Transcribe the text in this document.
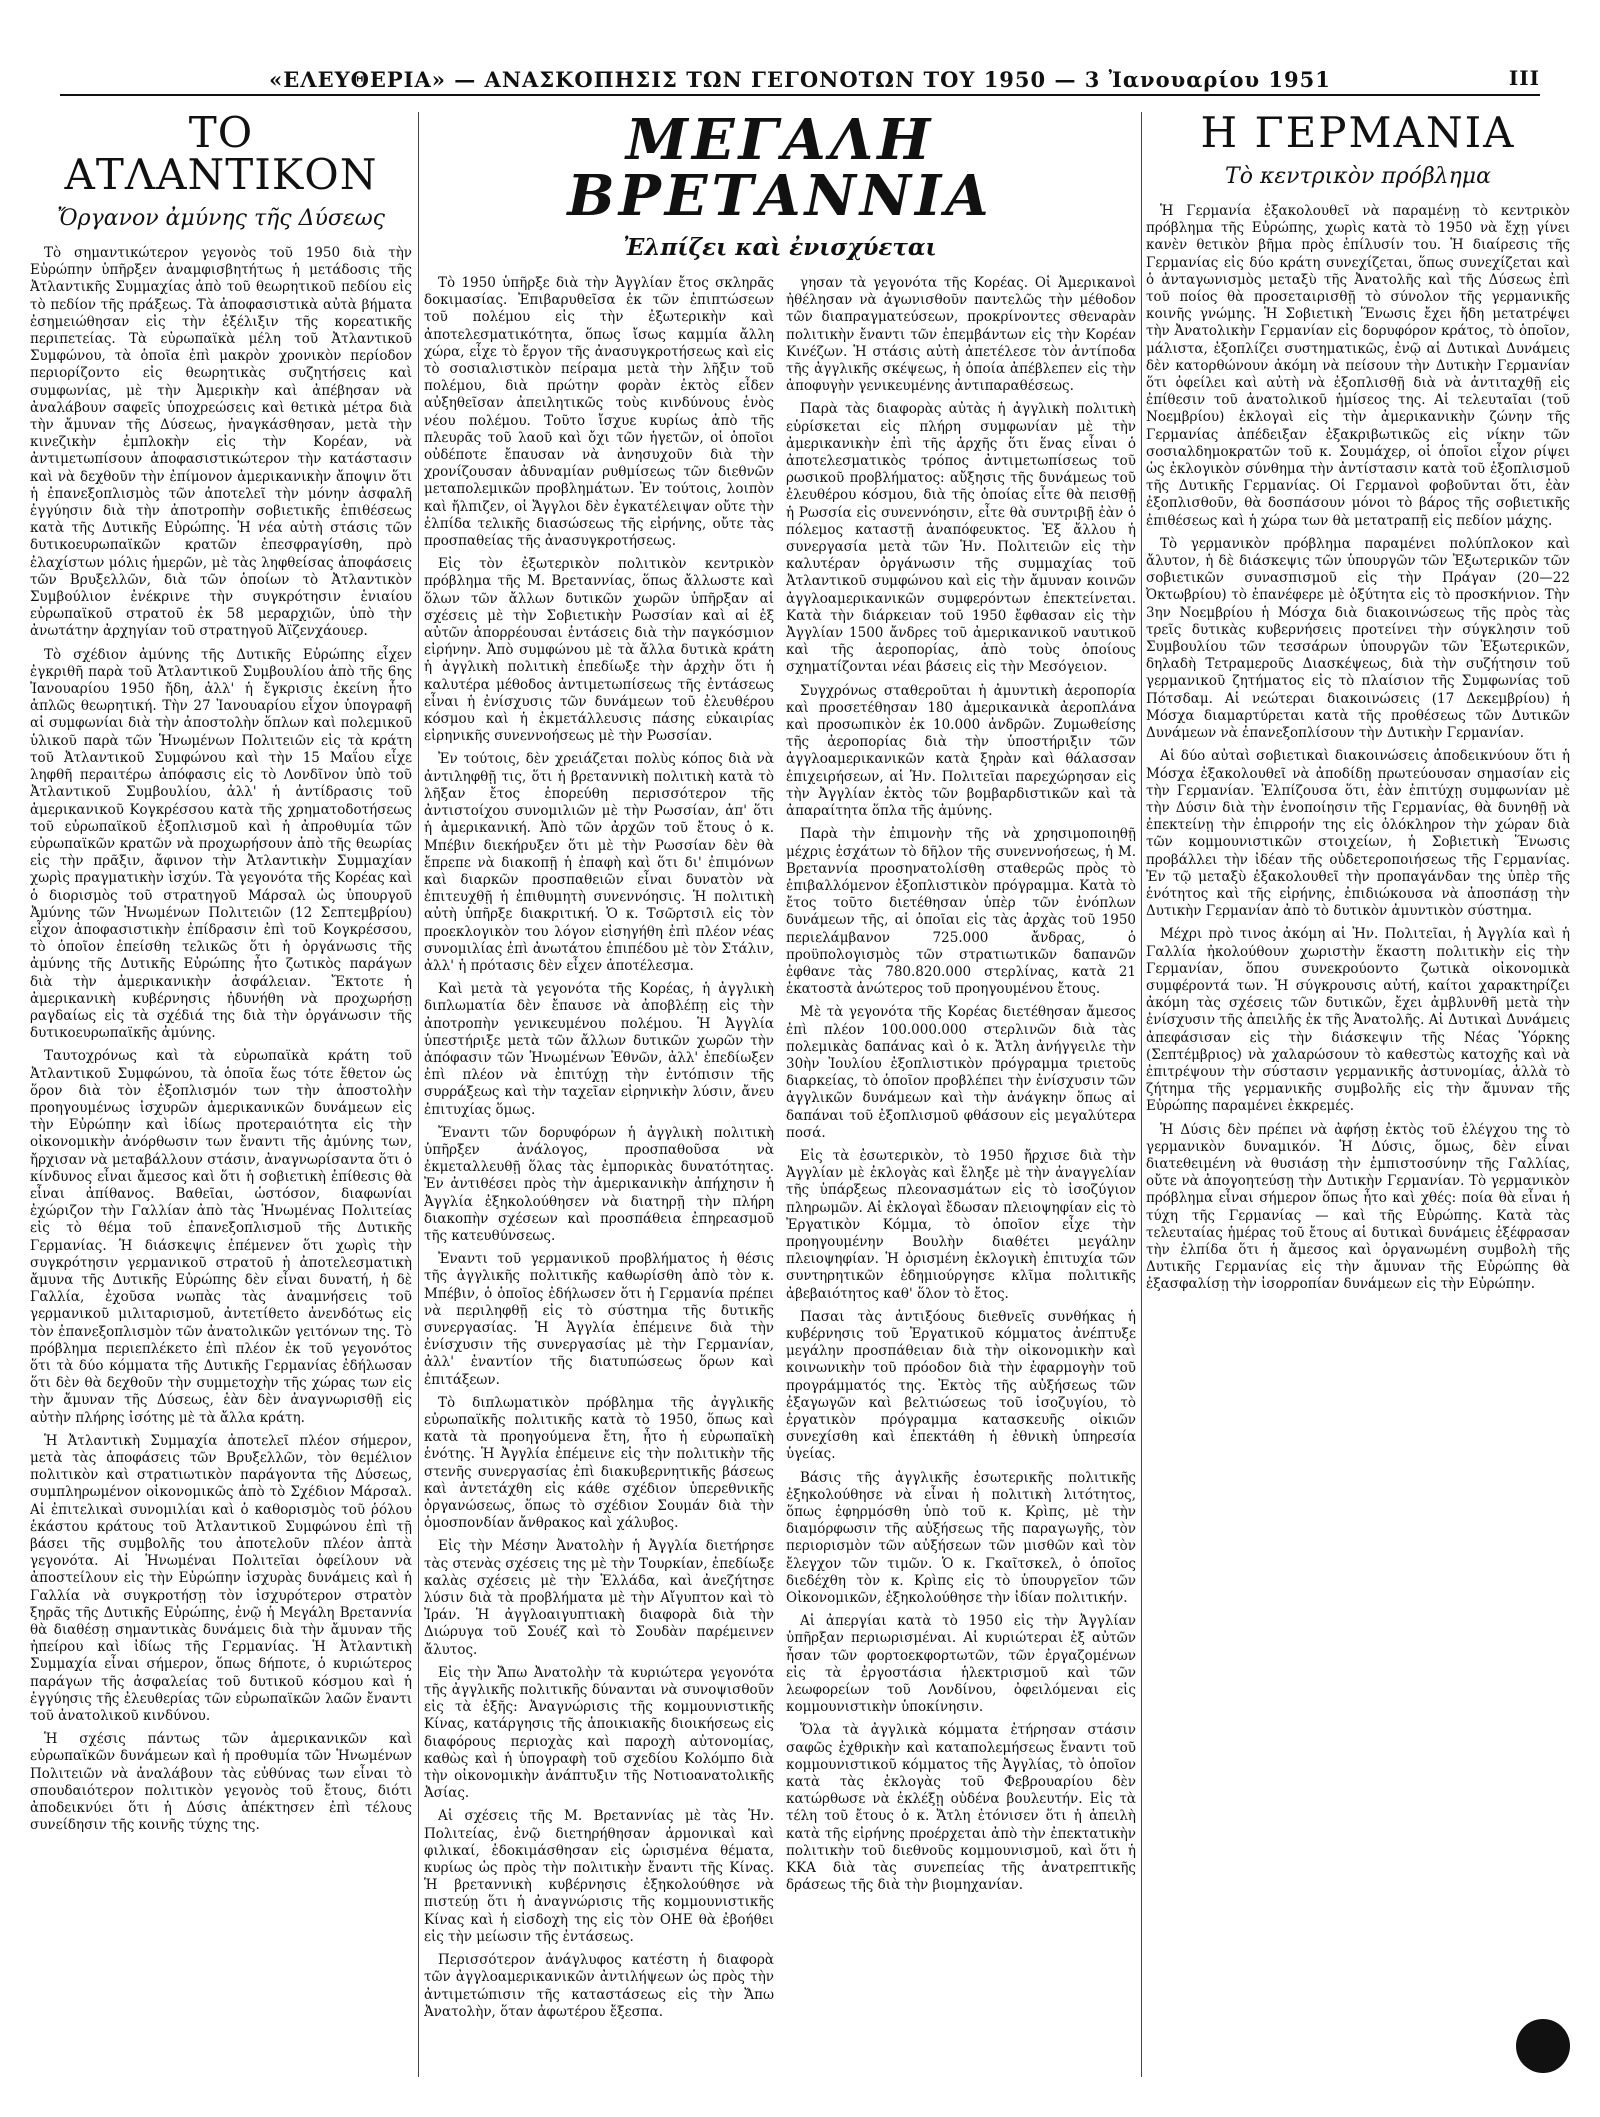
«ΕΛΕΥΘΕΡΙΑ» — ΑΝΑΣΚΟΠΗΣΙΣ ΤΩΝ ΓΕΓΟΝΟΤΩΝ ΤΟΥ 1950 — 3 Ἰανουαρίου 1951	III
ΤΟ ΑΤΛΑΝΤΙΚΟΝ
Ὄργανον ἀμύνης τῆς Δύσεως

Τὸ σημαντικώτερον γεγονὸς τοῦ 1950 διὰ τὴν Εὐρώπην ὑπῆρξεν ἀναμφισβητήτως ἡ μετάδοσις τῆς Ἀτλαντικῆς Συμμαχίας ἀπὸ τοῦ θεωρητικοῦ πεδίου εἰς τὸ πεδίον τῆς πράξεως. Τὰ ἀποφασιστικὰ αὐτὰ βήματα ἐσημειώθησαν εἰς τὴν ἐξέλιξιν τῆς κορεατικῆς περιπετείας. Τὰ εὐρωπαϊκὰ μέλη τοῦ Ἀτλαντικοῦ Συμφώνου, τὰ ὁποῖα ἐπὶ μακρὸν χρονικὸν περίοδον περιορίζοντο εἰς θεωρητικὰς συζητήσεις καὶ συμφωνίας, μὲ τὴν Ἀμερικὴν καὶ ἀπέβησαν νὰ ἀναλάβουν σαφεῖς ὑποχρεώσεις καὶ θετικὰ μέτρα διὰ τὴν ἄμυναν τῆς Δύσεως, ἠναγκάσθησαν, μετὰ τὴν κινεζικὴν ἐμπλοκὴν εἰς τὴν Κορέαν, νὰ ἀντιμετωπίσουν ἀποφασιστικώτερον τὴν κατάστασιν καὶ νὰ δεχθοῦν τὴν ἐπίμονον ἀμερικανικὴν ἄποψιν ὅτι ἡ ἐπανεξοπλισμὸς τῶν ἀποτελεῖ τὴν μόνην ἀσφαλῆ ἐγγύησιν διὰ τὴν ἀποτροπὴν σοβιετικῆς ἐπιθέσεως κατὰ τῆς Δυτικῆς Εὐρώπης. Ἡ νέα αὐτὴ στάσις τῶν δυτικοευρωπαϊκῶν κρατῶν ἐπεσφραγίσθη, πρὸ ἐλαχίστων μόλις ἡμερῶν, μὲ τὰς ληφθείσας ἀποφάσεις τῶν Βρυξελλῶν, διὰ τῶν ὁποίων τὸ Ἀτλαντικὸν Συμβούλιον ἐνέκρινε τὴν συγκρότησιν ἑνιαίου εὐρωπαϊκοῦ στρατοῦ ἐκ 58 μεραρχιῶν, ὑπὸ τὴν ἀνωτάτην ἀρχηγίαν τοῦ στρατηγοῦ Ἀϊζενχάουερ.

Τὸ σχέδιον ἀμύνης τῆς Δυτικῆς Εὐρώπης εἶχεν ἐγκριθῆ παρὰ τοῦ Ἀτλαντικοῦ Συμβουλίου ἀπὸ τῆς 6ης Ἰανουαρίου 1950 ἤδη, ἀλλ' ἡ ἔγκρισις ἐκείνη ἦτο ἁπλῶς θεωρητική. Τὴν 27 Ἰανουαρίου εἶχον ὑπογραφῆ αἱ συμφωνίαι διὰ τὴν ἀποστολὴν ὅπλων καὶ πολεμικοῦ ὑλικοῦ παρὰ τῶν Ἡνωμένων Πολιτειῶν εἰς τὰ κράτη τοῦ Ἀτλαντικοῦ Συμφώνου καὶ τὴν 15 Μαΐου εἶχε ληφθῆ περαιτέρω ἀπόφασις εἰς τὸ Λονδῖνον ὑπὸ τοῦ Ἀτλαντικοῦ Συμβουλίου, ἀλλ' ἡ ἀντίδρασις τοῦ ἀμερικανικοῦ Κογκρέσσου κατὰ τῆς χρηματοδοτήσεως τοῦ εὐρωπαϊκοῦ ἐξοπλισμοῦ καὶ ἡ ἀπροθυμία τῶν εὐρωπαϊκῶν κρατῶν νὰ προχωρήσουν ἀπὸ τῆς θεωρίας εἰς τὴν πρᾶξιν, ἄφινον τὴν Ἀτλαντικὴν Συμμαχίαν χωρὶς πραγματικὴν ἰσχύν. Τὰ γεγονότα τῆς Κορέας καὶ ὁ διορισμὸς τοῦ στρατηγοῦ Μάρσαλ ὡς ὑπουργοῦ Ἀμύνης τῶν Ἡνωμένων Πολιτειῶν (12 Σεπτεμβρίου) εἶχον ἀποφασιστικὴν ἐπίδρασιν ἐπὶ τοῦ Κογκρέσσου, τὸ ὁποῖον ἐπείσθη τελικῶς ὅτι ἡ ὀργάνωσις τῆς ἀμύνης τῆς Δυτικῆς Εὐρώπης ἦτο ζωτικὸς παράγων διὰ τὴν ἀμερικανικὴν ἀσφάλειαν. Ἔκτοτε ἡ ἀμερικανικὴ κυβέρνησις ἠδυνήθη νὰ προχωρήσῃ ραγδαίως εἰς τὰ σχέδιά της διὰ τὴν ὀργάνωσιν τῆς δυτικοευρωπαϊκῆς ἀμύνης.

Ταυτοχρόνως καὶ τὰ εὐρωπαϊκὰ κράτη τοῦ Ἀτλαντικοῦ Συμφώνου, τὰ ὁποῖα ἕως τότε ἔθετον ὡς ὅρον διὰ τὸν ἐξοπλισμόν των τὴν ἀποστολὴν προηγουμένως ἰσχυρῶν ἀμερικανικῶν δυνάμεων εἰς τὴν Εὐρώπην καὶ ἰδίως προτεραιότητα εἰς τὴν οἰκονομικὴν ἀνόρθωσιν των ἔναντι τῆς ἀμύνης των, ἤρχισαν νὰ μεταβάλλουν στάσιν, ἀναγνωρίσαντα ὅτι ὁ κίνδυνος εἶναι ἄμεσος καὶ ὅτι ἡ σοβιετικὴ ἐπίθεσις θὰ εἶναι ἀπίθανος. Βαθεῖαι, ὡστόσον, διαφωνίαι ἐχώριζον τὴν Γαλλίαν ἀπὸ τὰς Ἡνωμένας Πολιτείας εἰς τὸ θέμα τοῦ ἐπανεξοπλισμοῦ τῆς Δυτικῆς Γερμανίας. Ἡ διάσκεψις ἐπέμενεν ὅτι χωρὶς τὴν συγκρότησιν γερμανικοῦ στρατοῦ ἡ ἀποτελεσματικὴ ἄμυνα τῆς Δυτικῆς Εὐρώπης δὲν εἶναι δυνατή, ἡ δὲ Γαλλία, ἐχοῦσα νωπὰς τὰς ἀναμνήσεις τοῦ γερμανικοῦ μιλιταρισμοῦ, ἀντετίθετο ἀνενδότως εἰς τὸν ἐπανεξοπλισμὸν τῶν ἀνατολικῶν γειτόνων της. Τὸ πρόβλημα περιεπλέκετο ἐπὶ πλέον ἐκ τοῦ γεγονότος ὅτι τὰ δύο κόμματα τῆς Δυτικῆς Γερμανίας ἐδήλωσαν ὅτι δὲν θὰ δεχθοῦν τὴν συμμετοχὴν τῆς χώρας των εἰς τὴν ἄμυναν τῆς Δύσεως, ἐὰν δὲν ἀναγνωρισθῇ εἰς αὐτὴν πλήρης ἰσότης μὲ τὰ ἄλλα κράτη.

Ἡ Ἀτλαντικὴ Συμμαχία ἀποτελεῖ πλέον σήμερον, μετὰ τὰς ἀποφάσεις τῶν Βρυξελλῶν, τὸν θεμέλιον πολιτικὸν καὶ στρατιωτικὸν παράγοντα τῆς Δύσεως, συμπληρωμένον οἰκονομικῶς ἀπὸ τὸ Σχέδιον Μάρσαλ. Αἱ ἐπιτελικαὶ συνομιλίαι καὶ ὁ καθορισμὸς τοῦ ῥόλου ἑκάστου κράτους τοῦ Ἀτλαντικοῦ Συμφώνου ἐπὶ τῇ βάσει τῆς συμβολῆς του ἀποτελοῦν πλέον ἀπτὰ γεγονότα. Αἱ Ἡνωμέναι Πολιτεῖαι ὀφείλουν νὰ ἀποστείλουν εἰς τὴν Εὐρώπην ἰσχυρὰς δυνάμεις καὶ ἡ Γαλλία νὰ συγκροτήσῃ τὸν ἰσχυρότερον στρατὸν ξηρᾶς τῆς Δυτικῆς Εὐρώπης, ἐνῷ ἡ Μεγάλη Βρεταννία θὰ διαθέσῃ σημαντικὰς δυνάμεις διὰ τὴν ἄμυναν τῆς ἠπείρου καὶ ἰδίως τῆς Γερμανίας. Ἡ Ἀτλαντικὴ Συμμαχία εἶναι σήμερον, ὅπως δήποτε, ὁ κυριώτερος παράγων τῆς ἀσφαλείας τοῦ δυτικοῦ κόσμου καὶ ἡ ἐγγύησις τῆς ἐλευθερίας τῶν εὐρωπαϊκῶν λαῶν ἔναντι τοῦ ἀνατολικοῦ κινδύνου.

Ἡ σχέσις πάντως τῶν ἀμερικανικῶν καὶ εὐρωπαϊκῶν δυνάμεων καὶ ἡ προθυμία τῶν Ἡνωμένων Πολιτειῶν νὰ ἀναλάβουν τὰς εὐθύνας των εἶναι τὸ σπουδαιότερον πολιτικὸν γεγονὸς τοῦ ἔτους, διότι ἀποδεικνύει ὅτι ἡ Δύσις ἀπέκτησεν ἐπὶ τέλους συνείδησιν τῆς κοινῆς τύχης της.

ΜΕΓΑΛΗ ΒΡΕΤΑΝΝΙΑ
Ἐλπίζει καὶ ἐνισχύεται

Τὸ 1950 ὑπῆρξε διὰ τὴν Ἀγγλίαν ἔτος σκληρᾶς δοκιμασίας. Ἐπιβαρυθεῖσα ἐκ τῶν ἐπιπτώσεων τοῦ πολέμου εἰς τὴν ἐξωτερικὴν καὶ ἀποτελεσματικότητα, ὅπως ἴσως καμμία ἄλλη χώρα, εἶχε τὸ ἔργον τῆς ἀνασυγκροτήσεως καὶ εἰς τὸ σοσιαλιστικὸν πείραμα μετὰ τὴν λῆξιν τοῦ πολέμου, διὰ πρώτην φορὰν ἐκτὸς εἶδεν αὐξηθεῖσαν ἀπειλητικῶς τοὺς κινδύνους ἑνὸς νέου πολέμου. Τοῦτο ἴσχυε κυρίως ἀπὸ τῆς πλευρᾶς τοῦ λαοῦ καὶ ὄχι τῶν ἡγετῶν, οἱ ὁποῖοι οὐδέποτε ἔπαυσαν νὰ ἀνησυχοῦν διὰ τὴν χρονίζουσαν ἀδυναμίαν ρυθμίσεως τῶν διεθνῶν μεταπολεμικῶν προβλημάτων. Ἐν τούτοις, λοιπὸν καὶ ἤλπιζεν, οἱ Ἄγγλοι δὲν ἐγκατέλειψαν οὔτε τὴν ἐλπίδα τελικῆς διασώσεως τῆς εἰρήνης, οὔτε τὰς προσπαθείας τῆς ἀνασυγκροτήσεως.

Εἰς τὸν ἐξωτερικὸν πολιτικὸν κεντρικὸν πρόβλημα τῆς Μ. Βρεταννίας, ὅπως ἄλλωστε καὶ ὅλων τῶν ἄλλων δυτικῶν χωρῶν ὑπῆρξαν αἱ σχέσεις μὲ τὴν Σοβιετικὴν Ρωσσίαν καὶ αἱ ἐξ αὐτῶν ἀπορρέουσαι ἐντάσεις διὰ τὴν παγκόσμιον εἰρήνην. Ἀπὸ συμφώνου μὲ τὰ ἄλλα δυτικὰ κράτη ἡ ἀγγλικὴ πολιτικὴ ἐπεδίωξε τὴν ἀρχὴν ὅτι ἡ καλυτέρα μέθοδος ἀντιμετωπίσεως τῆς ἐντάσεως εἶναι ἡ ἐνίσχυσις τῶν δυνάμεων τοῦ ἐλευθέρου κόσμου καὶ ἡ ἐκμετάλλευσις πάσης εὐκαιρίας εἰρηνικῆς συνεννοήσεως μὲ τὴν Ρωσσίαν.

Ἐν τούτοις, δὲν χρειάζεται πολὺς κόπος διὰ νὰ ἀντιληφθῇ τις, ὅτι ἡ βρεταννικὴ πολιτικὴ κατὰ τὸ λῆξαν ἔτος ἐπορεύθη περισσότερον τῆς ἀντιστοίχου συνομιλιῶν μὲ τὴν Ρωσσίαν, ἀπ' ὅτι ἡ ἀμερικανική. Ἀπὸ τῶν ἀρχῶν τοῦ ἔτους ὁ κ. Μπέβιν διεκήρυξεν ὅτι μὲ τὴν Ρωσσίαν δὲν θὰ ἔπρεπε νὰ διακοπῇ ἡ ἐπαφὴ καὶ ὅτι δι' ἐπιμόνων καὶ διαρκῶν προσπαθειῶν εἶναι δυνατὸν νὰ ἐπιτευχθῇ ἡ ἐπιθυμητὴ συνεννόησις. Ἡ πολιτικὴ αὐτὴ ὑπῆρξε διακριτική. Ὁ κ. Τσῶρτσιλ εἰς τὸν προεκλογικὸν του λόγον εἰσηγήθη ἐπὶ πλέον νέας συνομιλίας ἐπὶ ἀνωτάτου ἐπιπέδου μὲ τὸν Στάλιν, ἀλλ' ἡ πρότασις δὲν εἶχεν ἀποτέλεσμα.

Καὶ μετὰ τὰ γεγονότα τῆς Κορέας, ἡ ἀγγλικὴ διπλωματία δὲν ἔπαυσε νὰ ἀποβλέπῃ εἰς τὴν ἀποτροπὴν γενικευμένου πολέμου. Ἡ Ἀγγλία ὑπεστήριξε μετὰ τῶν ἄλλων δυτικῶν χωρῶν τὴν ἀπόφασιν τῶν Ἡνωμένων Ἐθνῶν, ἀλλ' ἐπεδίωξεν ἐπὶ πλέον νὰ ἐπιτύχῃ τὴν ἐντόπισιν τῆς συρράξεως καὶ τὴν ταχεῖαν εἰρηνικὴν λύσιν, ἄνευ ἐπιτυχίας ὅμως.

Ἔναντι τῶν δορυφόρων ἡ ἀγγλικὴ πολιτικὴ ὑπῆρξεν ἀνάλογος, προσπαθοῦσα νὰ ἐκμεταλλευθῇ ὅλας τὰς ἐμπορικὰς δυνατότητας. Ἐν ἀντιθέσει πρὸς τὴν ἀμερικανικὴν ἀπήχησιν ἡ Ἀγγλία ἐξηκολούθησεν νὰ διατηρῇ τὴν πλήρη διακοπὴν σχέσεων καὶ προσπάθεια ἐπηρεασμοῦ τῆς κατευθύνσεως.

Ἐναντι τοῦ γερμανικοῦ προβλήματος ἡ θέσις τῆς ἀγγλικῆς πολιτικῆς καθωρίσθη ἀπὸ τὸν κ. Μπέβιν, ὁ ὁποῖος ἐδήλωσεν ὅτι ἡ Γερμανία πρέπει νὰ περιληφθῇ εἰς τὸ σύστημα τῆς δυτικῆς συνεργασίας. Ἡ Ἀγγλία ἐπέμεινε διὰ τὴν ἐνίσχυσιν τῆς συνεργασίας μὲ τὴν Γερμανίαν, ἀλλ' ἐναντίον τῆς διατυπώσεως ὅρων καὶ ἐπιτάξεων.

Τὸ διπλωματικὸν πρόβλημα τῆς ἀγγλικῆς εὐρωπαϊκῆς πολιτικῆς κατὰ τὸ 1950, ὅπως καὶ κατὰ τὰ προηγούμενα ἔτη, ἦτο ἡ εὐρωπαϊκὴ ἑνότης. Ἡ Ἀγγλία ἐπέμεινε εἰς τὴν πολιτικὴν τῆς στενῆς συνεργασίας ἐπὶ διακυβερνητικῆς βάσεως καὶ ἀντετάχθη εἰς κάθε σχέδιον ὑπερεθνικῆς ὀργανώσεως, ὅπως τὸ σχέδιον Σουμάν διὰ τὴν ὁμοσπονδίαν ἄνθρακος καὶ χάλυβος.

Εἰς τὴν Μέσην Ἀνατολὴν ἡ Ἀγγλία διετήρησε τὰς στενὰς σχέσεις της μὲ τὴν Τουρκίαν, ἐπεδίωξε καλὰς σχέσεις μὲ τὴν Ἑλλάδα, καὶ ἀνεζήτησε λύσιν διὰ τὰ προβλήματα μὲ τὴν Αἴγυπτον καὶ τὸ Ἰράν. Ἡ ἀγγλοαιγυπτιακὴ διαφορὰ διὰ τὴν Διώρυγα τοῦ Σουέζ καὶ τὸ Σουδὰν παρέμεινεν ἄλυτος.

Εἰς τὴν Ἄπω Ἀνατολὴν τὰ κυριώτερα γεγονότα τῆς ἀγγλικῆς πολιτικῆς δύνανται νὰ συνοψισθοῦν εἰς τὰ ἑξῆς: Ἀναγνώρισις τῆς κομμουνιστικῆς Κίνας, κατάργησις τῆς ἀποικιακῆς διοικήσεως εἰς διαφόρους περιοχὰς καὶ παροχὴ αὐτονομίας, καθὼς καὶ ἡ ὑπογραφὴ τοῦ σχεδίου Κολόμπο διὰ τὴν οἰκονομικὴν ἀνάπτυξιν τῆς Νοτιοανατολικῆς Ἀσίας.

Αἱ σχέσεις τῆς Μ. Βρεταννίας μὲ τὰς Ἡν. Πολιτείας, ἐνῷ διετηρήθησαν ἁρμονικαὶ καὶ φιλικαί, ἐδοκιμάσθησαν εἰς ὡρισμένα θέματα, κυρίως ὡς πρὸς τὴν πολιτικὴν ἔναντι τῆς Κίνας. Ἡ βρεταννικὴ κυβέρνησις ἐξηκολούθησε νὰ πιστεύῃ ὅτι ἡ ἀναγνώρισις τῆς κομμουνιστικῆς Κίνας καὶ ἡ εἰσδοχὴ της εἰς τὸν ΟΗΕ θὰ ἐβοήθει εἰς τὴν μείωσιν τῆς ἐντάσεως.

Περισσότερον ἀνάγλυφος κατέστη ἡ διαφορὰ τῶν ἀγγλοαμερικανικῶν ἀντιλήψεων ὡς πρὸς τὴν ἀντιμετώπισιν τῆς καταστάσεως εἰς τὴν Ἄπω Ἀνατολὴν, ὅταν ἀφωτέρου ἔξεσπα.

γησαν τὰ γεγονότα τῆς Κορέας. Οἱ Ἀμερικανοὶ ἠθέλησαν νὰ ἀγωνισθοῦν παντελῶς τὴν μέθοδον τῶν διαπραγματεύσεων, προκρίνοντες σθεναρὰν πολιτικὴν ἔναντι τῶν ἐπεμβάντων εἰς τὴν Κορέαν Κινέζων. Ἡ στάσις αὐτὴ ἀπετέλεσε τὸν ἀντίποδα τῆς ἀγγλικῆς σκέψεως, ἡ ὁποία ἀπέβλεπεν εἰς τὴν ἀποφυγὴν γενικευμένης ἀντιπαραθέσεως.

Παρὰ τὰς διαφορὰς αὐτὰς ἡ ἀγγλικὴ πολιτικὴ εὑρίσκεται εἰς πλήρη συμφωνίαν μὲ τὴν ἀμερικανικὴν ἐπὶ τῆς ἀρχῆς ὅτι ἕνας εἶναι ὁ ἀποτελεσματικὸς τρόπος ἀντιμετωπίσεως τοῦ ρωσικοῦ προβλήματος: αὔξησις τῆς δυνάμεως τοῦ ἐλευθέρου κόσμου, διὰ τῆς ὁποίας εἶτε θὰ πεισθῇ ἡ Ρωσσία εἰς συνεννόησιν, εἶτε θὰ συντριβῇ ἐὰν ὁ πόλεμος καταστῇ ἀναπόφευκτος. Ἐξ ἄλλου ἡ συνεργασία μετὰ τῶν Ἡν. Πολιτειῶν εἰς τὴν καλυτέραν ὀργάνωσιν τῆς συμμαχίας τοῦ Ἀτλαντικοῦ συμφώνου καὶ εἰς τὴν ἄμυναν κοινῶν ἀγγλοαμερικανικῶν συμφερόντων ἐπεκτείνεται. Κατὰ τὴν διάρκειαν τοῦ 1950 ἔφθασαν εἰς τὴν Ἀγγλίαν 1500 ἄνδρες τοῦ ἀμερικανικοῦ ναυτικοῦ καὶ τῆς ἀεροπορίας, ἀπὸ τοὺς ὁποίους σχηματίζονται νέαι βάσεις εἰς τὴν Μεσόγειον.

Συγχρόνως σταθεροῦται ἡ ἀμυντικὴ ἀεροπορία καὶ προσετέθησαν 180 ἀμερικανικὰ ἀεροπλάνα καὶ προσωπικὸν ἐκ 10.000 ἀνδρῶν. Ζυμωθείσης τῆς ἀεροπορίας διὰ τὴν ὑποστήριξιν τῶν ἀγγλοαμερικανικῶν κατὰ ξηρὰν καὶ θάλασσαν ἐπιχειρήσεων, αἱ Ἡν. Πολιτεῖαι παρεχώρησαν εἰς τὴν Ἀγγλίαν ἐκτὸς τῶν βομβαρδιστικῶν καὶ τὰ ἀπαραίτητα ὅπλα τῆς ἀμύνης.

Παρὰ τὴν ἐπιμονὴν τῆς νὰ χρησιμοποιηθῇ μέχρις ἐσχάτων τὸ δῆλον τῆς συνεννοήσεως, ἡ Μ. Βρεταννία προσηνατολίσθη σταθερῶς πρὸς τὸ ἐπιβαλλόμενον ἐξοπλιστικὸν πρόγραμμα. Κατὰ τὸ ἔτος τοῦτο διετέθησαν ὑπὲρ τῶν ἐνόπλων δυνάμεων τῆς, αἱ ὁποῖαι εἰς τὰς ἀρχὰς τοῦ 1950 περιελάμβανον 725.000 ἄνδρας, ὁ προϋπολογισμὸς τῶν στρατιωτικῶν δαπανῶν ἐφθανε τὰς 780.820.000 στερλίνας, κατὰ 21 ἑκατοστὰ ἀνώτερος τοῦ προηγουμένου ἔτους.

Μὲ τὰ γεγονότα τῆς Κορέας διετέθησαν ἄμεσος ἐπὶ πλέον 100.000.000 στερλινῶν διὰ τὰς πολεμικὰς δαπάνας καὶ ὁ κ. Ἄτλη ἀνήγγειλε τὴν 30ὴν Ἰουλίου ἐξοπλιστικὸν πρόγραμμα τριετοῦς διαρκείας, τὸ ὁποῖον προβλέπει τὴν ἐνίσχυσιν τῶν ἀγγλικῶν δυνάμεων καὶ τὴν ἀνάγκην ὅπως αἱ δαπάναι τοῦ ἐξοπλισμοῦ φθάσουν εἰς μεγαλύτερα ποσά.

Εἰς τὰ ἐσωτερικὸν, τὸ 1950 ἤρχισε διὰ τὴν Ἀγγλίαν μὲ ἐκλογὰς καὶ ἔληξε μὲ τὴν ἀναγγελίαν τῆς ὑπάρξεως πλεονασμάτων εἰς τὸ ἰσοζύγιον πληρωμῶν. Αἱ ἐκλογαὶ ἔδωσαν πλειοψηφίαν εἰς τὸ Ἐργατικὸν Κόμμα, τὸ ὁποῖον εἶχε τὴν προηγουμένην Βουλὴν διαθέτει μεγάλην πλειοψηφίαν. Ἡ ὀρισμένη ἐκλογικὴ ἐπιτυχία τῶν συντηρητικῶν ἐδημιούργησε κλῖμα πολιτικῆς ἀβεβαιότητος καθ' ὅλον τὸ ἔτος.

Πασαι τὰς ἀντιξόους διεθνεῖς συνθήκας ἡ κυβέρνησις τοῦ Ἐργατικοῦ κόμματος ἀνέπτυξε μεγάλην προσπάθειαν διὰ τὴν οἰκονομικὴν καὶ κοινωνικὴν τοῦ πρόοδον διὰ τὴν ἐφαρμογὴν τοῦ προγράμματός της. Ἐκτὸς τῆς αὐξήσεως τῶν ἐξαγωγῶν καὶ βελτιώσεως τοῦ ἰσοζυγίου, τὸ ἐργατικὸν πρόγραμμα κατασκευῆς οἰκιῶν συνεχίσθη καὶ ἐπεκτάθη ἡ ἐθνικὴ ὑπηρεσία ὑγείας.

Βάσις τῆς ἀγγλικῆς ἐσωτερικῆς πολιτικῆς ἐξηκολούθησε νὰ εἶναι ἡ πολιτικὴ λιτότητος, ὅπως ἐφηρμόσθη ὑπὸ τοῦ κ. Κρὶπς, μὲ τὴν διαμόρφωσιν τῆς αὐξήσεως τῆς παραγωγῆς, τὸν περιορισμὸν τῶν αὐξήσεων τῶν μισθῶν καὶ τὸν ἔλεγχον τῶν τιμῶν. Ὁ κ. Γκαῖτσκελ, ὁ ὁποῖος διεδέχθη τὸν κ. Κρὶπς εἰς τὸ ὑπουργεῖον τῶν Οἰκονομικῶν, ἐξηκολούθησε τὴν ἰδίαν πολιτικήν.

Αἱ ἀπεργίαι κατὰ τὸ 1950 εἰς τὴν Ἀγγλίαν ὑπῆρξαν περιωρισμέναι. Αἱ κυριώτεραι ἐξ αὐτῶν ἦσαν τῶν φορτοεκφορτωτῶν, τῶν ἐργαζομένων εἰς τὰ ἐργοστάσια ἡλεκτρισμοῦ καὶ τῶν λεωφορείων τοῦ Λονδίνου, ὀφειλόμεναι εἰς κομμουνιστικὴν ὑποκίνησιν.

Ὅλα τὰ ἀγγλικὰ κόμματα ἐτήρησαν στάσιν σαφῶς ἐχθρικὴν καὶ καταπολεμήσεως ἔναντι τοῦ κομμουνιστικοῦ κόμματος τῆς Ἀγγλίας, τὸ ὁποῖον κατὰ τὰς ἐκλογὰς τοῦ Φεβρουαρίου δὲν κατώρθωσε νὰ ἐκλέξῃ οὐδένα βουλευτήν. Εἰς τὰ τέλη τοῦ ἔτους ὁ κ. Ἄτλη ἐτόνισεν ὅτι ἡ ἀπειλὴ κατὰ τῆς εἰρήνης προέρχεται ἀπὸ τὴν ἐπεκτατικὴν πολιτικὴν τοῦ διεθνοῦς κομμουνισμοῦ, καὶ ὅτι ἡ ΚΚΑ διὰ τὰς συνεπείας τῆς ἀνατρεπτικῆς δράσεως τῆς διὰ τὴν βιομηχανίαν.

Η ΓΕΡΜΑΝΙΑ
Τὸ κεντρικὸν πρόβλημα

Ἡ Γερμανία ἐξακολουθεῖ νὰ παραμένῃ τὸ κεντρικὸν πρόβλημα τῆς Εὐρώπης, χωρὶς κατὰ τὸ 1950 νὰ ἔχῃ γίνει κανὲν θετικὸν βῆμα πρὸς ἐπίλυσίν του. Ἡ διαίρεσις τῆς Γερμανίας εἰς δύο κράτη συνεχίζεται, ὅπως συνεχίζεται καὶ ὁ ἀνταγωνισμὸς μεταξὺ τῆς Ἀνατολῆς καὶ τῆς Δύσεως ἐπὶ τοῦ ποίος θὰ προσεταιρισθῇ τὸ σύνολον τῆς γερμανικῆς κοινῆς γνώμης. Ἡ Σοβιετικὴ Ἕνωσις ἔχει ἤδη μετατρέψει τὴν Ἀνατολικὴν Γερμανίαν εἰς δορυφόρον κράτος, τὸ ὁποῖον, μάλιστα, ἐξοπλίζει συστηματικῶς, ἐνῷ αἱ Δυτικαὶ Δυνάμεις δὲν κατορθώνουν ἀκόμη νὰ πείσουν τὴν Δυτικὴν Γερμανίαν ὅτι ὀφείλει καὶ αὐτὴ νὰ ἐξοπλισθῇ διὰ νὰ ἀντιταχθῇ εἰς ἐπίθεσιν τοῦ ἀνατολικοῦ ἡμίσεος της. Αἱ τελευταῖαι (τοῦ Νοεμβρίου) ἐκλογαὶ εἰς τὴν ἀμερικανικὴν ζώνην τῆς Γερμανίας ἀπέδειξαν ἐξακριβωτικῶς εἰς νίκην τῶν σοσιαλδημοκρατῶν τοῦ κ. Σουμάχερ, οἱ ὁποῖοι εἶχον ρίψει ὡς ἐκλογικὸν σύνθημα τὴν ἀντίστασιν κατὰ τοῦ ἐξοπλισμοῦ τῆς Δυτικῆς Γερμανίας. Οἱ Γερμανοὶ φοβοῦνται ὅτι, ἐὰν ἐξοπλισθοῦν, θὰ δοσπάσουν μόνοι τὸ βάρος τῆς σοβιετικῆς ἐπιθέσεως καὶ ἡ χώρα των θὰ μετατραπῇ εἰς πεδίον μάχης.

Τὸ γερμανικὸν πρόβλημα παραμένει πολύπλοκον καὶ ἄλυτον, ἡ δὲ διάσκεψις τῶν ὑπουργῶν τῶν Ἐξωτερικῶν τῶν σοβιετικῶν συνασπισμοῦ εἰς τὴν Πράγαν (20—22 Ὀκτωβρίου) τὸ ἐπανέφερε μὲ ὀξύτητα εἰς τὸ προσκήνιον. Τὴν 3ην Νοεμβρίου ἡ Μόσχα διὰ διακοινώσεως τῆς πρὸς τὰς τρεῖς δυτικὰς κυβερνήσεις προτείνει τὴν σύγκλησιν τοῦ Συμβουλίου τῶν τεσσάρων ὑπουργῶν τῶν Ἐξωτερικῶν, δηλαδὴ Τετραμεροῦς Διασκέψεως, διὰ τὴν συζήτησιν τοῦ γερμανικοῦ ζητήματος εἰς τὸ πλαίσιον τῆς Συμφωνίας τοῦ Πότσδαμ. Αἱ νεώτεραι διακοινώσεις (17 Δεκεμβρίου) ἡ Μόσχα διαμαρτύρεται κατὰ τῆς προθέσεως τῶν Δυτικῶν Δυνάμεων νὰ ἐπανεξοπλίσουν τὴν Δυτικὴν Γερμανίαν.

Αἱ δύο αὐταὶ σοβιετικαὶ διακοινώσεις ἀποδεικνύουν ὅτι ἡ Μόσχα ἐξακολουθεῖ νὰ ἀποδίδῃ πρωτεύουσαν σημασίαν εἰς τὴν Γερμανίαν. Ἐλπίζουσα ὅτι, ἐὰν ἐπιτύχῃ συμφωνίαν μὲ τὴν Δύσιν διὰ τὴν ἑνοποίησιν τῆς Γερμανίας, θὰ δυνηθῇ νὰ ἐπεκτείνῃ τὴν ἐπιρροήν της εἰς ὁλόκληρον τὴν χώραν διὰ τῶν κομμουνιστικῶν στοιχείων, ἡ Σοβιετικὴ Ἕνωσις προβάλλει τὴν ἰδέαν τῆς οὐδετεροποιήσεως τῆς Γερμανίας. Ἐν τῷ μεταξὺ ἐξακολουθεῖ τὴν προπαγάνδαν της ὑπὲρ τῆς ἑνότητος καὶ τῆς εἰρήνης, ἐπιδιώκουσα νὰ ἀποσπάσῃ τὴν Δυτικὴν Γερμανίαν ἀπὸ τὸ δυτικὸν ἀμυντικὸν σύστημα.

Μέχρι πρὸ τινος ἀκόμη αἱ Ἡν. Πολιτεῖαι, ἡ Ἀγγλία καὶ ἡ Γαλλία ἠκολούθουν χωριστὴν ἕκαστη πολιτικὴν εἰς τὴν Γερμανίαν, ὅπου συνεκρούοντο ζωτικὰ οἰκονομικὰ συμφέροντά των. Ἡ σύγκρουσις αὐτή, καίτοι χαρακτηρίζει ἀκόμη τὰς σχέσεις τῶν δυτικῶν, ἔχει ἀμβλυνθῆ μετὰ τὴν ἐνίσχυσιν τῆς ἀπειλῆς ἐκ τῆς Ἀνατολῆς. Αἱ Δυτικαὶ Δυνάμεις ἀπεφάσισαν εἰς τὴν διάσκεψιν τῆς Νέας Ὑόρκης (Σεπτέμβριος) νὰ χαλαρώσουν τὸ καθεστὼς κατοχῆς καὶ νὰ ἐπιτρέψουν τὴν σύστασιν γερμανικῆς ἀστυνομίας, ἀλλὰ τὸ ζήτημα τῆς γερμανικῆς συμβολῆς εἰς τὴν ἄμυναν τῆς Εὐρώπης παραμένει ἐκκρεμές.

Ἡ Δύσις δὲν πρέπει νὰ ἀφήσῃ ἐκτὸς τοῦ ἐλέγχου της τὸ γερμανικὸν δυναμικόν. Ἡ Δύσις, ὅμως, δὲν εἶναι διατεθειμένη νὰ θυσιάσῃ τὴν ἐμπιστοσύνην τῆς Γαλλίας, οὔτε νὰ ἀπογοητεύσῃ τὴν Δυτικὴν Γερμανίαν. Τὸ γερμανικὸν πρόβλημα εἶναι σήμερον ὅπως ἦτο καὶ χθές: ποία θὰ εἶναι ἡ τύχη τῆς Γερμανίας — καὶ τῆς Εὐρώπης. Κατὰ τὰς τελευταίας ἡμέρας τοῦ ἔτους αἱ δυτικαὶ δυνάμεις ἐξέφρασαν τὴν ἐλπίδα ὅτι ἡ ἄμεσος καὶ ὀργανωμένη συμβολὴ τῆς Δυτικῆς Γερμανίας εἰς τὴν ἄμυναν τῆς Εὐρώπης θὰ ἐξασφαλίσῃ τὴν ἰσορροπίαν δυνάμεων εἰς τὴν Εὐρώπην.
